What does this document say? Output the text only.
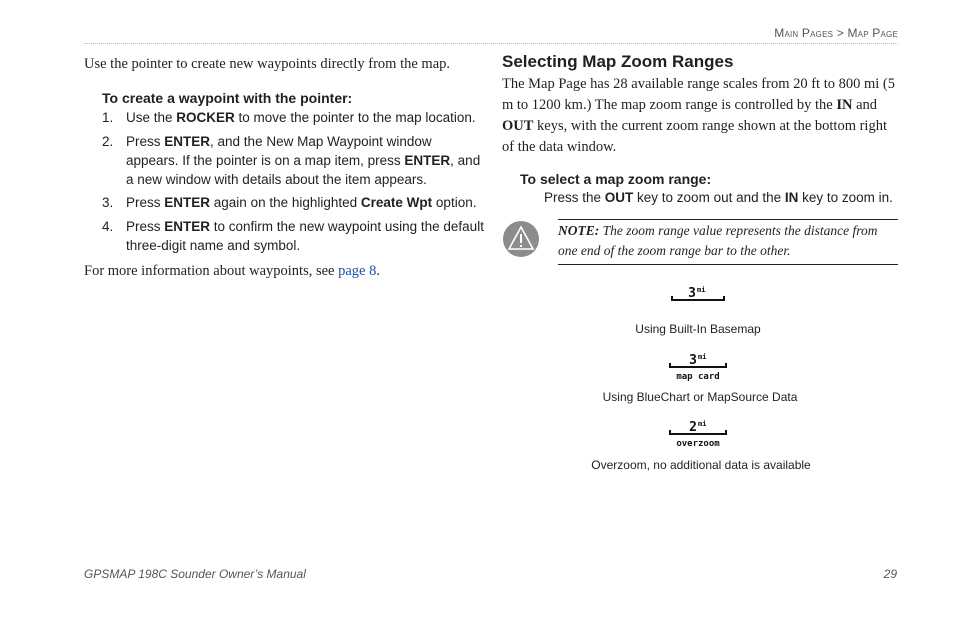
Main Pages > Map Page

Use the pointer to create new waypoints directly from the map.

To create a waypoint with the pointer:

1. Use the ROCKER to move the pointer to the map location.
2. Press ENTER, and the New Map Waypoint window appears. If the pointer is on a map item, press ENTER, and a new window with details about the item appears.
3. Press ENTER again on the highlighted Create Wpt option.
4. Press ENTER to confirm the new waypoint using the default three-digit name and symbol.

For more information about waypoints, see page 8.

Selecting Map Zoom Ranges

The Map Page has 28 available range scales from 20 ft to 800 mi (5 m to 1200 km.) The map zoom range is controlled by the IN and OUT keys, with the current zoom range shown at the bottom right of the data window.

To select a map zoom range:

Press the OUT key to zoom out and the IN key to zoom in.

NOTE: The zoom range value represents the distance from one end of the zoom range bar to the other.
3 mi
Using Built-In Basemap
3 mi
map card
Using BlueChart or MapSource Data
2 mi
overzoom
Overzoom, no additional data is available
GPSMAP 198C Sounder Owner’s Manual	29
